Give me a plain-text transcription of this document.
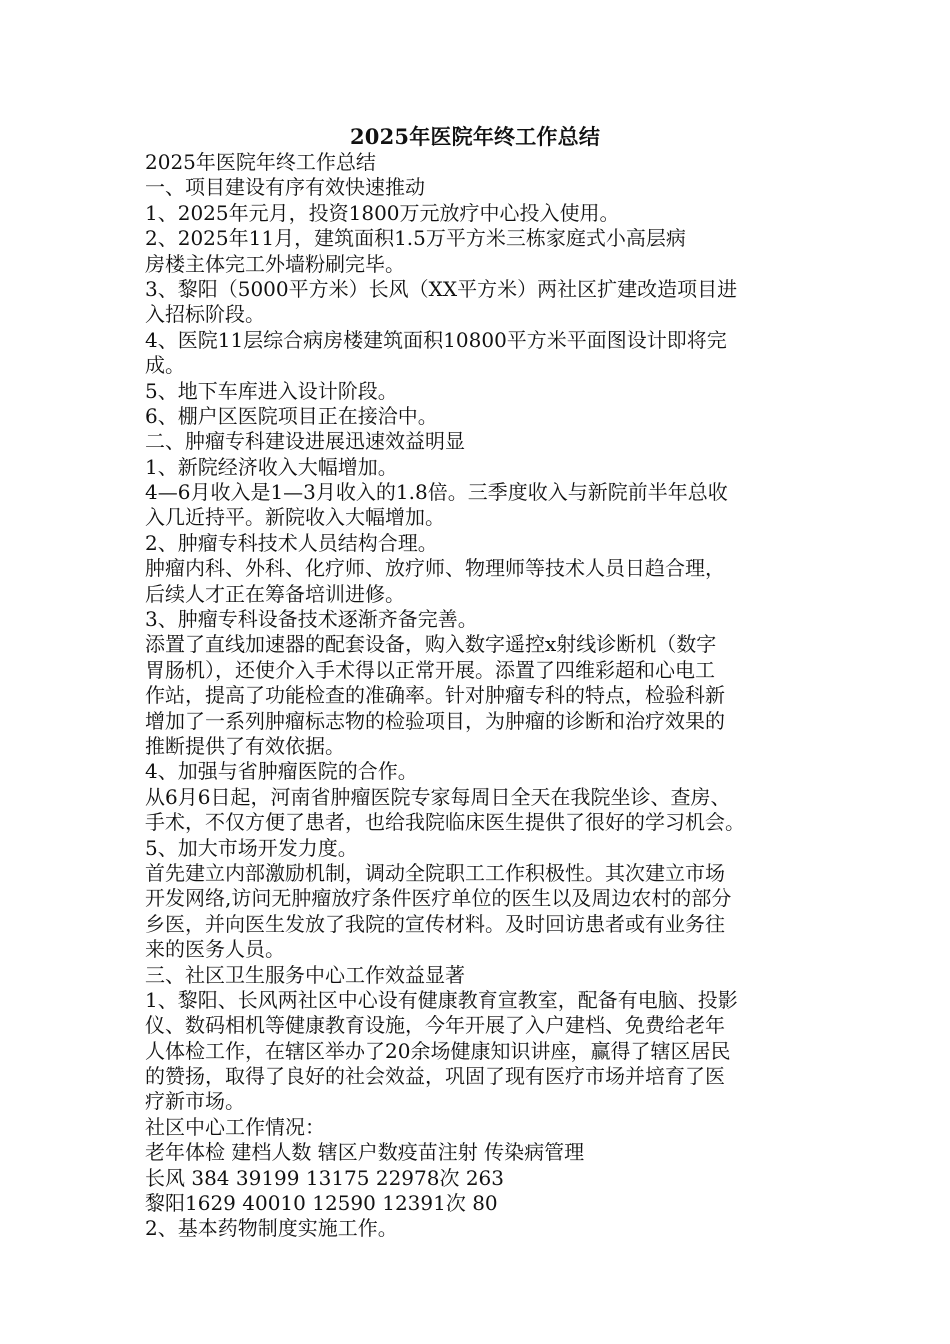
2025年医院年终工作总结
2025年医院年终工作总结
一、项目建设有序有效快速推动
1、2025年元月，投资1800万元放疗中心投入使用。
2、2025年11月，建筑面积1.5万平方米三栋家庭式小高层病
房楼主体完工外墙粉刷完毕。
3、黎阳（5000平方米）长风（XX平方米）两社区扩建改造项目进
入招标阶段。
4、医院11层综合病房楼建筑面积10800平方米平面图设计即将完
成。
5、地下车库进入设计阶段。
6、棚户区医院项目正在接洽中。
二、肿瘤专科建设进展迅速效益明显
1、新院经济收入大幅增加。
4—6月收入是1—3月收入的1.8倍。三季度收入与新院前半年总收
入几近持平。新院收入大幅增加。
2、肿瘤专科技术人员结构合理。
肿瘤内科、外科、化疗师、放疗师、物理师等技术人员日趋合理，
后续人才正在筹备培训进修。
3、肿瘤专科设备技术逐渐齐备完善。
添置了直线加速器的配套设备，购入数字遥控x射线诊断机（数字
胃肠机），还使介入手术得以正常开展。添置了四维彩超和心电工
作站，提高了功能检查的准确率。针对肿瘤专科的特点，检验科新
增加了一系列肿瘤标志物的检验项目，为肿瘤的诊断和治疗效果的
推断提供了有效依据。
4、加强与省肿瘤医院的合作。
从6月6日起，河南省肿瘤医院专家每周日全天在我院坐诊、查房、
手术，不仅方便了患者，也给我院临床医生提供了很好的学习机会。
5、加大市场开发力度。
首先建立内部激励机制，调动全院职工工作积极性。其次建立市场
开发网络,访问无肿瘤放疗条件医疗单位的医生以及周边农村的部分
乡医，并向医生发放了我院的宣传材料。及时回访患者或有业务往
来的医务人员。
三、社区卫生服务中心工作效益显著
1、黎阳、长风两社区中心设有健康教育宣教室，配备有电脑、投影
仪、数码相机等健康教育设施，今年开展了入户建档、免费给老年
人体检工作，在辖区举办了20余场健康知识讲座，赢得了辖区居民
的赞扬，取得了良好的社会效益，巩固了现有医疗市场并培育了医
疗新市场。
社区中心工作情况：
老年体检 建档人数 辖区户数疫苗注射 传染病管理
长风 384 39199 13175 22978次 263
黎阳1629 40010 12590 12391次 80
2、基本药物制度实施工作。
